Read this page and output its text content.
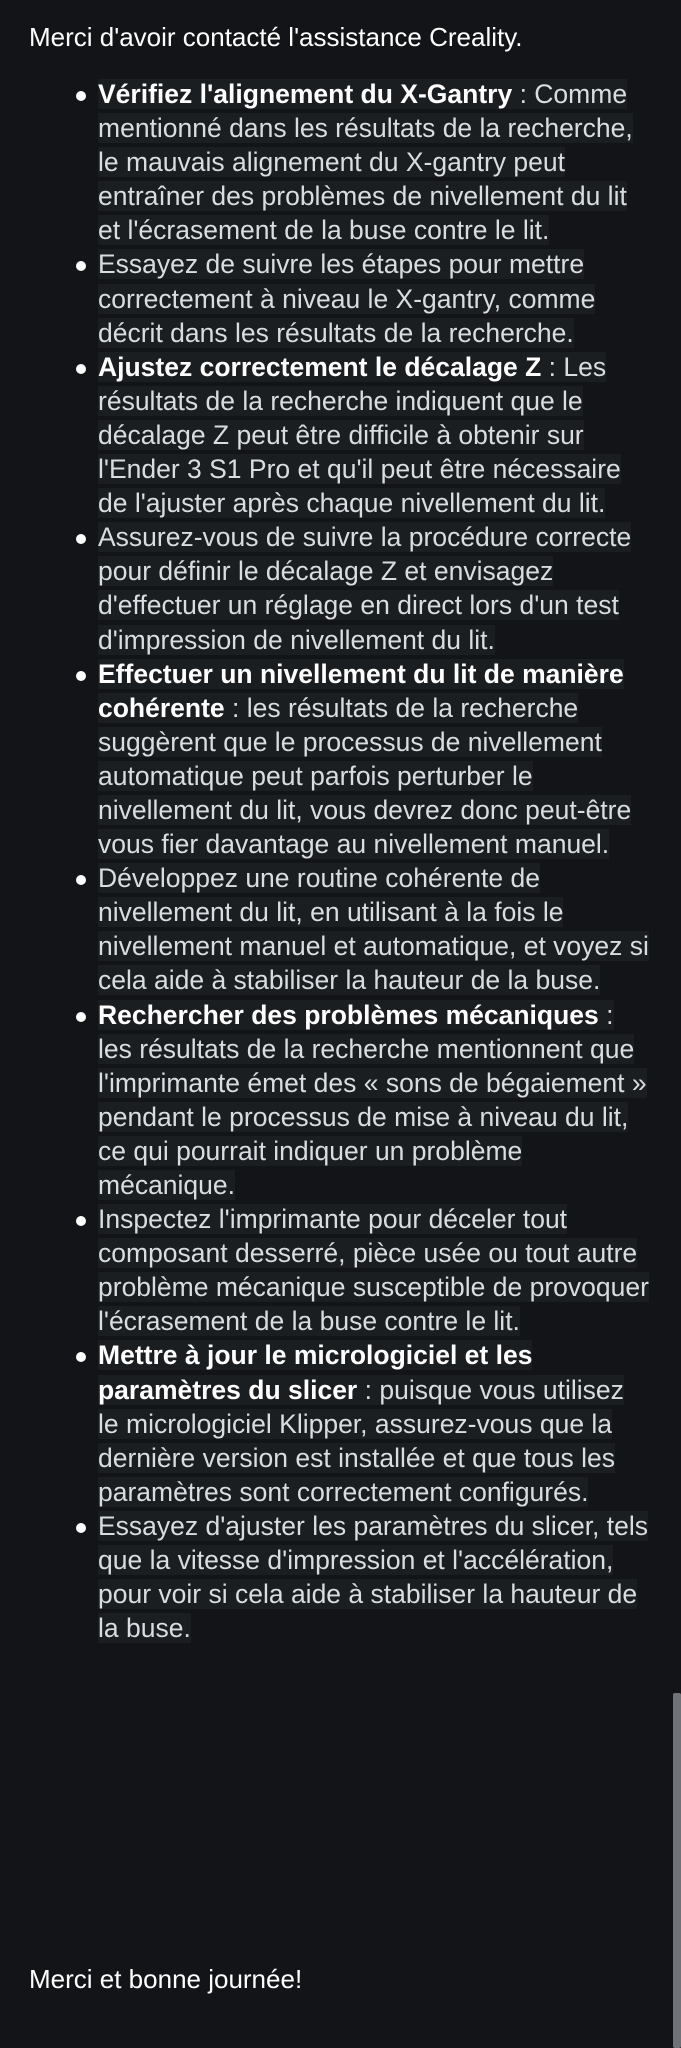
Merci d'avoir contacté l'assistance Creality.
Vérifiez l'alignement du X-Gantry : Comme mentionné dans les résultats de la recherche, le mauvais alignement du X-gantry peut entraîner des problèmes de nivellement du lit et l'écrasement de la buse contre le lit.
Essayez de suivre les étapes pour mettre correctement à niveau le X-gantry, comme décrit dans les résultats de la recherche.
Ajustez correctement le décalage Z : Les résultats de la recherche indiquent que le décalage Z peut être difficile à obtenir sur l'Ender 3 S1 Pro et qu'il peut être nécessaire de l'ajuster après chaque nivellement du lit.
Assurez-vous de suivre la procédure correcte pour définir le décalage Z et envisagez d'effectuer un réglage en direct lors d'un test d'impression de nivellement du lit.
Effectuer un nivellement du lit de manière cohérente : les résultats de la recherche suggèrent que le processus de nivellement automatique peut parfois perturber le nivellement du lit, vous devrez donc peut-être vous fier davantage au nivellement manuel.
Développez une routine cohérente de nivellement du lit, en utilisant à la fois le nivellement manuel et automatique, et voyez si cela aide à stabiliser la hauteur de la buse.
Rechercher des problèmes mécaniques : les résultats de la recherche mentionnent que l'imprimante émet des « sons de bégaiement » pendant le processus de mise à niveau du lit, ce qui pourrait indiquer un problème mécanique.
Inspectez l'imprimante pour déceler tout composant desserré, pièce usée ou tout autre problème mécanique susceptible de provoquer l'écrasement de la buse contre le lit.
Mettre à jour le micrologiciel et les paramètres du slicer : puisque vous utilisez le micrologiciel Klipper, assurez-vous que la dernière version est installée et que tous les paramètres sont correctement configurés.
Essayez d'ajuster les paramètres du slicer, tels que la vitesse d'impression et l'accélération, pour voir si cela aide à stabiliser la hauteur de la buse.
Merci et bonne journée!
